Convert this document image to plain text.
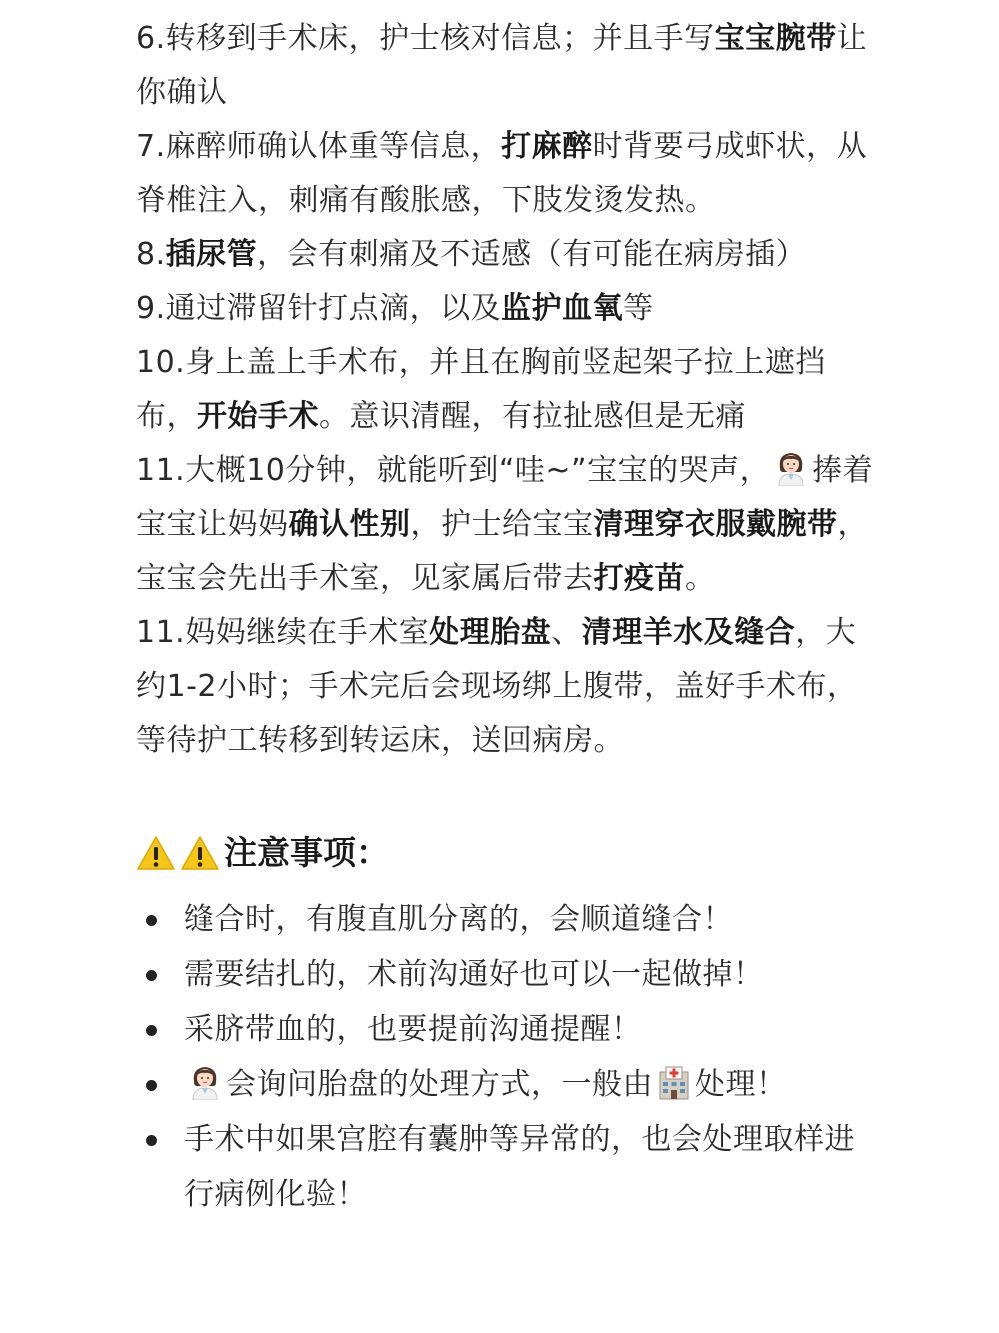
6.转移到手术床，护士核对信息；并且手写宝宝腕带让你确认

7.麻醉师确认体重等信息，打麻醉时背要弓成虾状，从脊椎注入，刺痛有酸胀感，下肢发烫发热。

8.插尿管，会有刺痛及不适感（有可能在病房插）

9.通过滞留针打点滴，以及监护血氧等

10.身上盖上手术布，并且在胸前竖起架子拉上遮挡布，开始手术。意识清醒，有拉扯感但是无痛

11.大概10分钟，就能听到“哇~”宝宝的哭声， 捧着宝宝让妈妈确认性别，护士给宝宝清理穿衣服戴腕带，宝宝会先出手术室，见家属后带去打疫苗。

11.妈妈继续在手术室处理胎盘、清理羊水及缝合，大约1-2小时；手术完后会现场绑上腹带，盖好手术布，等待护工转移到转运床，送回病房。

注意事项：
缝合时，有腹直肌分离的，会顺道缝合！
需要结扎的，术前沟通好也可以一起做掉！
采脐带血的，也要提前沟通提醒！
会询问胎盘的处理方式，一般由 处理！
手术中如果宫腔有囊肿等异常的，也会处理取样进行病例化验！
